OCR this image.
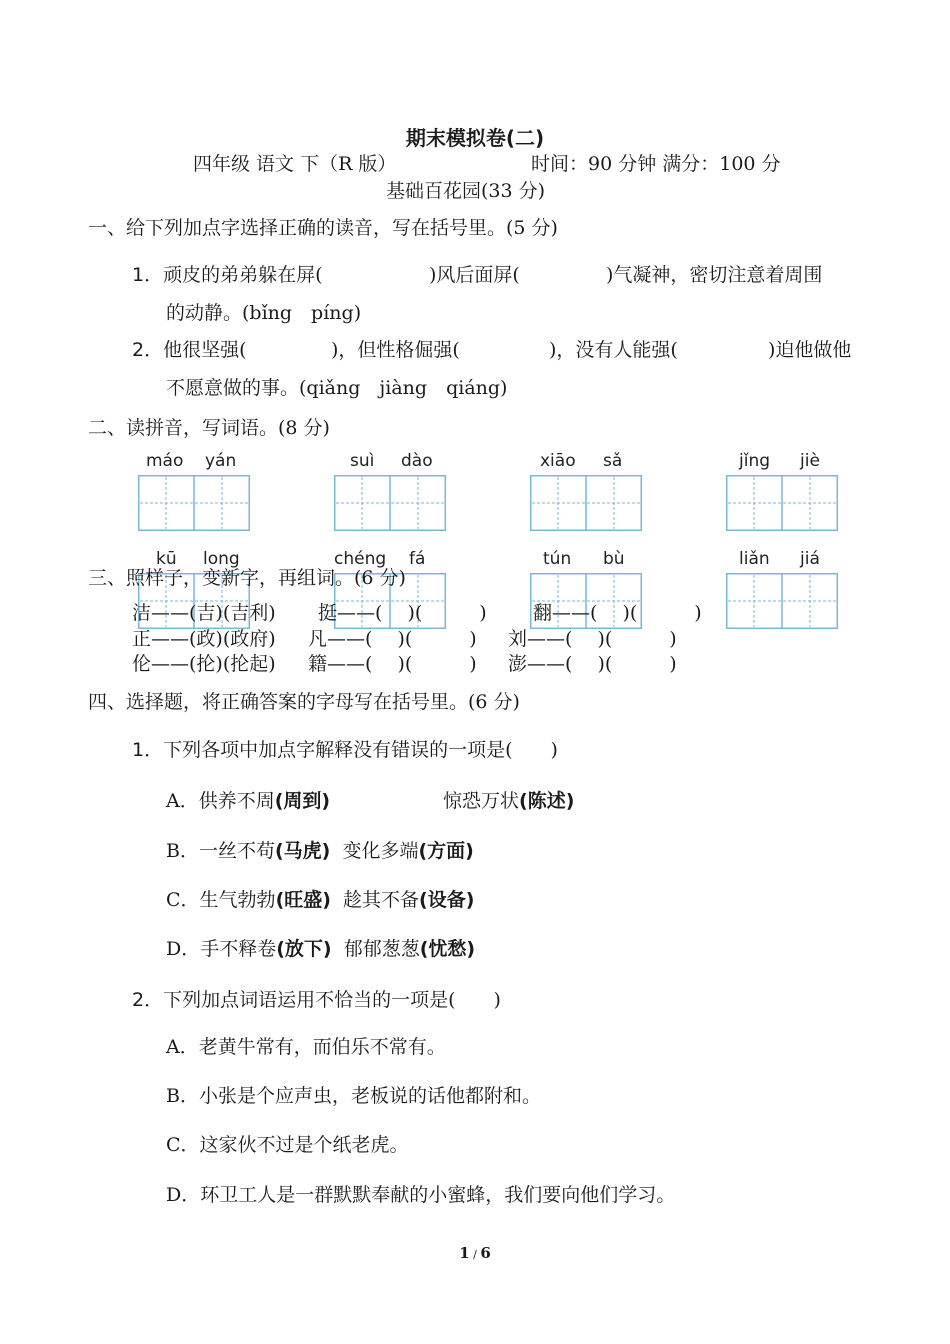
期末模拟卷(二)
四年级 语文 下（R 版）	时间：90 分钟 满分：100 分
基础百花园(33 分)
一、给下列加点字选择正确的读音，写在括号里。(5 分)
1．顽皮的弟弟躲在屏(	)风后面屏(	)气凝神，密切注意着周围
的动静。(bǐng　píng)
2．他很坚强(	)，但性格倔强(	)，没有人能强(	)迫他做他
不愿意做的事。(qiǎng　jiàng　qiáng)
二、读拼音，写词语。(8 分)
máo yán	suì dào	xiāo sǎ	jǐng jiè
kū long	chéng fá	tún bù	liǎn jiá
三、照样子，变新字，再组词。(6 分)
洁——(吉)(吉利) 挺——(　 )(　　　) 翻——(　 )(　　　)
正——(政)(政府) 凡——(　 )(　　　) 刘——(　 )(　　　)
伦——(抡)(抡起) 籍——(　 )(　　　) 澎——(　 )(　　　)
四、选择题，将正确答案的字母写在括号里。(6 分)
1．下列各项中加点字解释没有错误的一项是(　　)
A．供养不周(周到)	惊恐万状(陈述)
B．一丝不苟(马虎) 变化多端(方面)
C．生气勃勃(旺盛) 趁其不备(设备)
D．手不释卷(放下) 郁郁葱葱(忧愁)
2．下列加点词语运用不恰当的一项是(　　)
A．老黄牛常有，而伯乐不常有。
B．小张是个应声虫，老板说的话他都附和。
C．这家伙不过是个纸老虎。
D．环卫工人是一群默默奉献的小蜜蜂，我们要向他们学习。
1 / 6
